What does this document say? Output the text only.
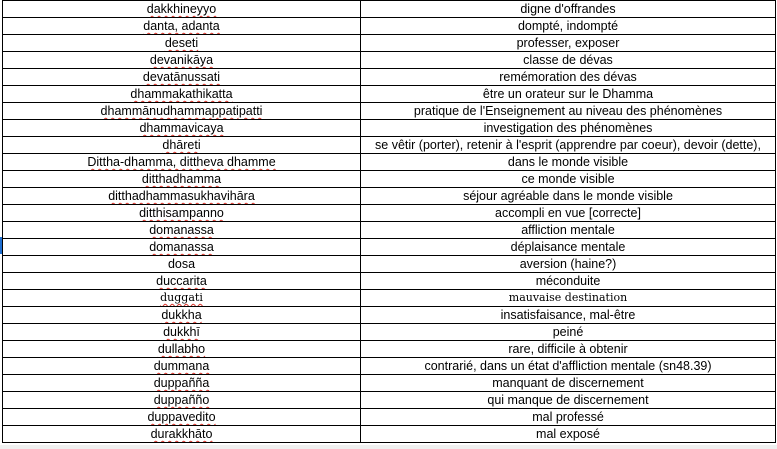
dakkhineyyo	digne d'offrandes
danta, adanta	dompté, indompté
deseti	professer, exposer
devanikāya	classe de dévas
devatānussati	remémoration des dévas
dhammakathikatta	être un orateur sur le Dhamma
dhammānudhammappatipatti	pratique de l'Enseignement au niveau des phénomènes
dhammavicaya	investigation des phénomènes
dhāreti	se vêtir (porter), retenir à l'esprit (apprendre par coeur), devoir (dette),
Dittha-dhamma, dittheva dhamme	dans le monde visible
ditthadhamma	ce monde visible
ditthadhammasukhavihāra	séjour agréable dans le monde visible
ditthisampanno	accompli en vue [correcte]
domanassa	affliction mentale
domanassa	déplaisance mentale
dosa	aversion (haine?)
duccarita	méconduite
duggati	mauvaise destination
dukkha	insatisfaisance, mal-être
dukkhī	peiné
dullabho	rare, difficile à obtenir
dummana	contrarié, dans un état d'affliction mentale (sn48.39)
duppañña	manquant de discernement
duppañño	qui manque de discernement
duppavedito	mal professé
durakkhāto	mal exposé
